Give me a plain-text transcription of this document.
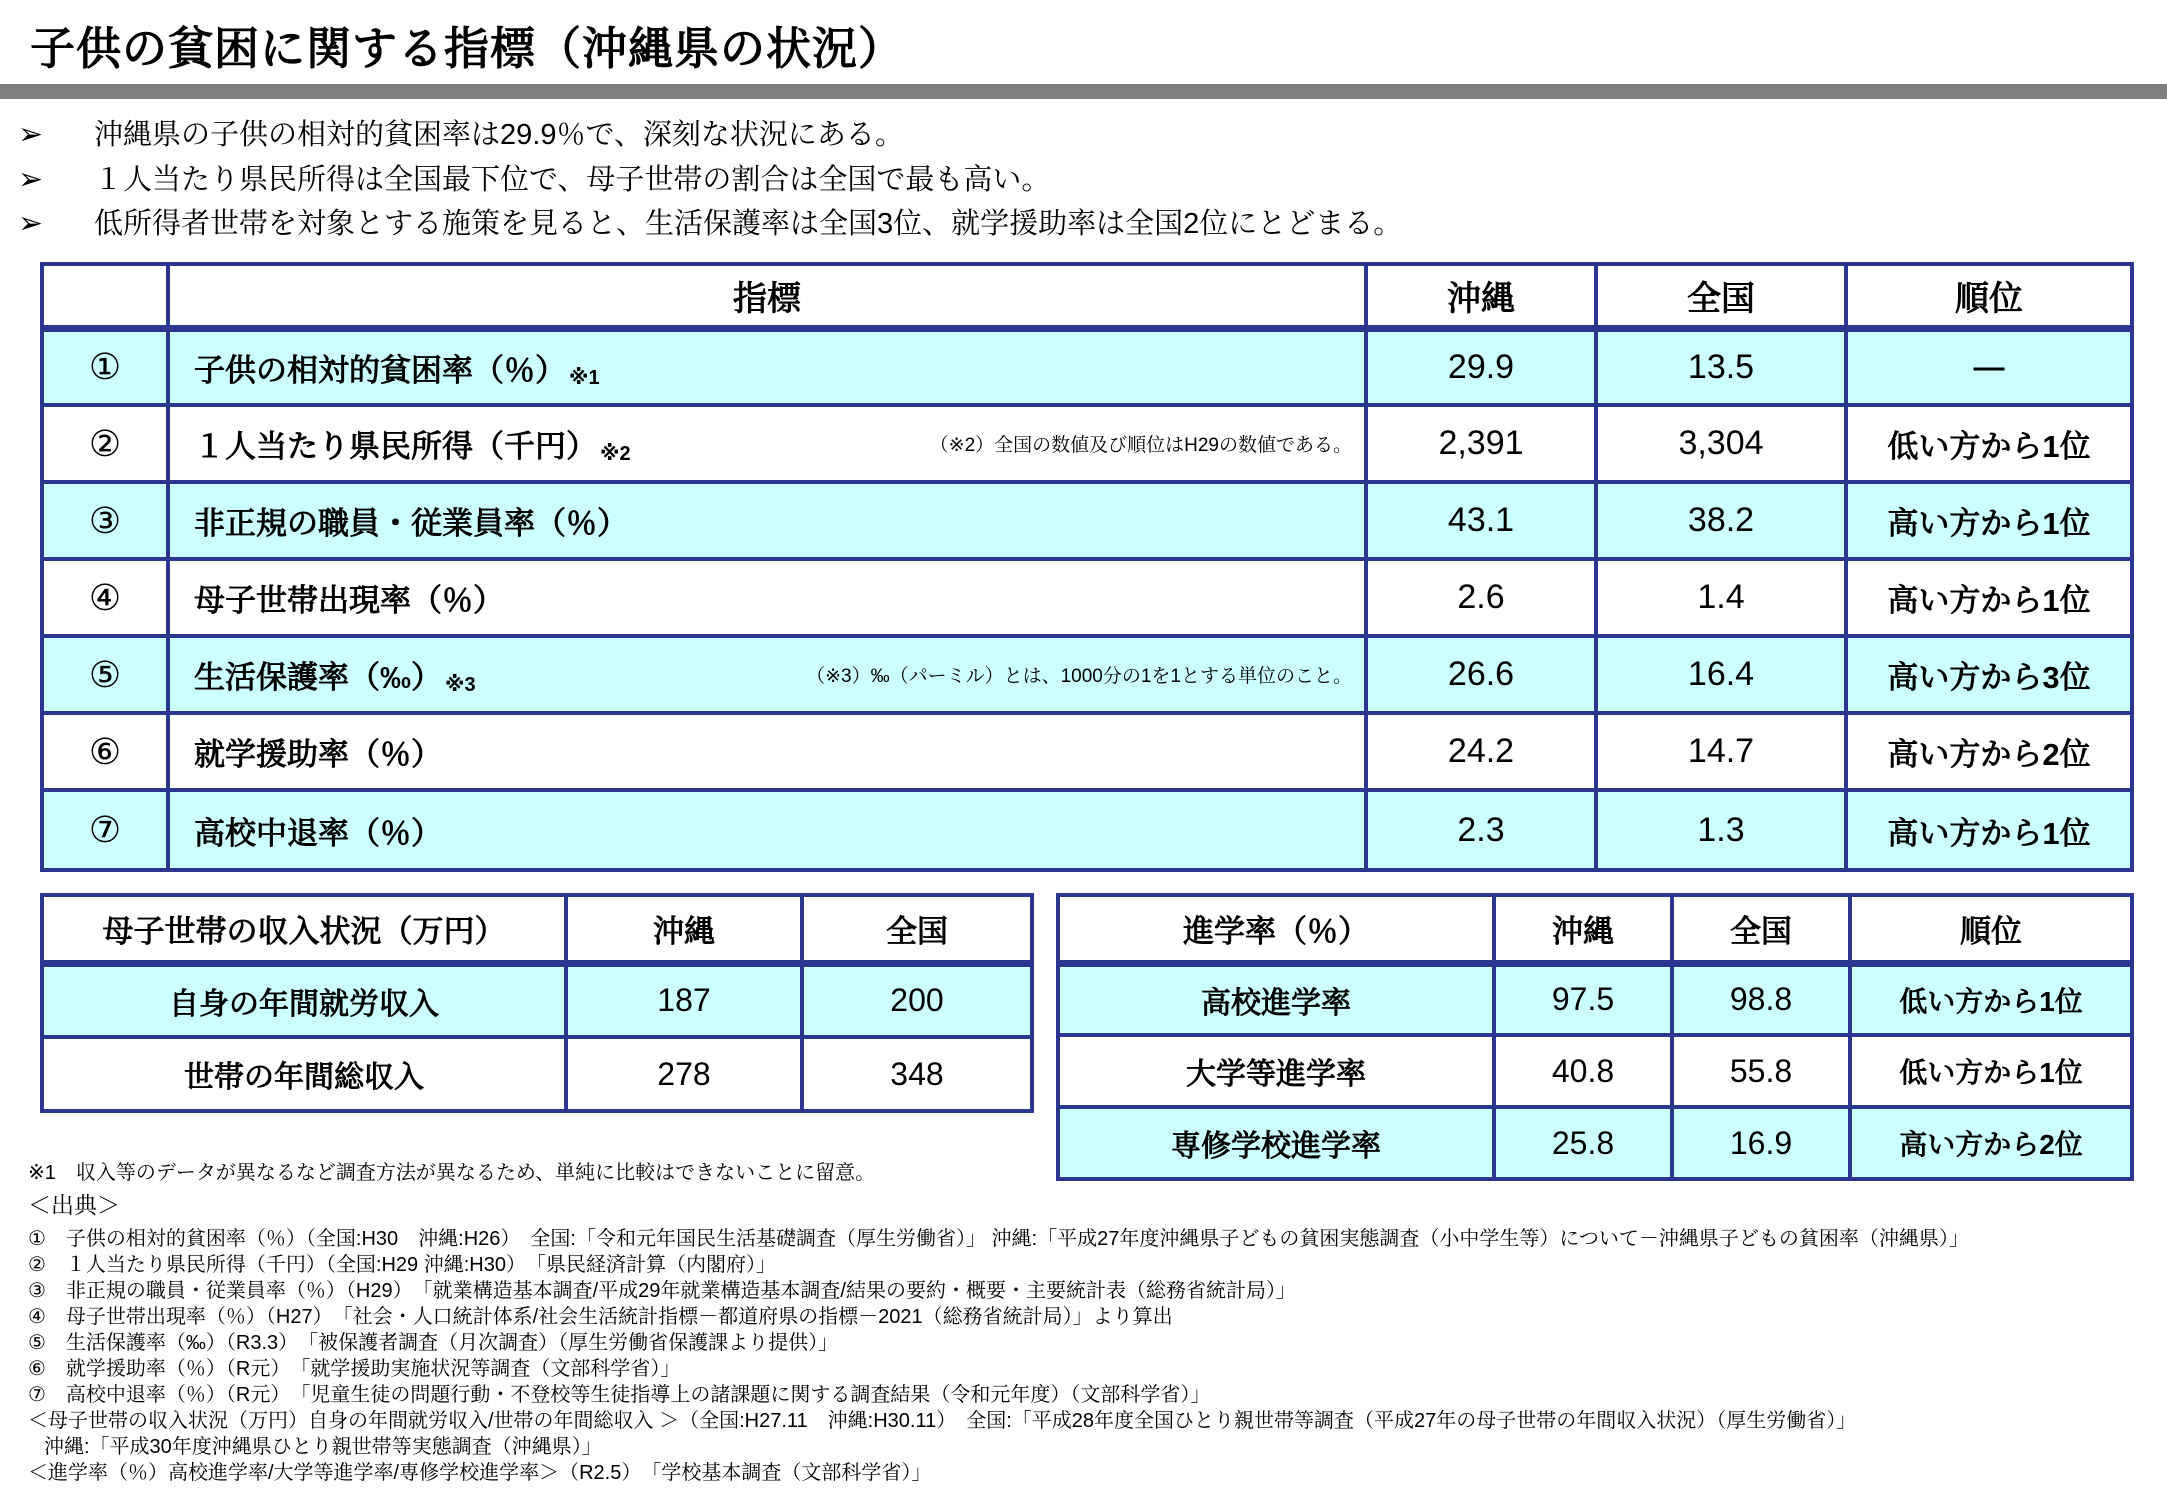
子供の貧困に関する指標（沖縄県の状況）
➢ 沖縄県の子供の相対的貧困率は29.9％で、深刻な状況にある。
➢ １人当たり県民所得は全国最下位で、母子世帯の割合は全国で最も高い。
➢ 低所得者世帯を対象とする施策を見ると、生活保護率は全国3位、就学援助率は全国2位にとどまる。
	指標	沖縄	全国	順位
①	子供の相対的貧困率（％） ※1	29.9	13.5	―
②	１人当たり県民所得（千円） ※2 （※2）全国の数値及び順位はH29の数値である。	2,391	3,304	低い方から1位
③	非正規の職員・従業員率（％）	43.1	38.2	高い方から1位
④	母子世帯出現率（％）	2.6	1.4	高い方から1位
⑤	生活保護率（‰） ※3 （※3）‰（パーミル）とは、1000分の1を1とする単位のこと。	26.6	16.4	高い方から3位
⑥	就学援助率（％）	24.2	14.7	高い方から2位
⑦	高校中退率（％）	2.3	1.3	高い方から1位
母子世帯の収入状況（万円）	沖縄	全国
自身の年間就労収入	187	200
世帯の年間総収入	278	348
進学率（％）	沖縄	全国	順位
高校進学率	97.5	98.8	低い方から1位
大学等進学率	40.8	55.8	低い方から1位
専修学校進学率	25.8	16.9	高い方から2位
※1　収入等のデータが異なるなど調査方法が異なるため、単純に比較はできないことに留意。
＜出典＞
①　子供の相対的貧困率（％）（全国:H30　沖縄:H26）　全国:「令和元年国民生活基礎調査（厚生労働省）」 沖縄:「平成27年度沖縄県子どもの貧困実態調査（小中学生等）について－沖縄県子どもの貧困率（沖縄県）」
②　１人当たり県民所得（千円）（全国:H29 沖縄:H30）　「県民経済計算（内閣府）」
③　非正規の職員・従業員率（％）（H29）　「就業構造基本調査/平成29年就業構造基本調査/結果の要約・概要・主要統計表（総務省統計局）」
④　母子世帯出現率（％）（H27）　「社会・人口統計体系/社会生活統計指標－都道府県の指標－2021（総務省統計局）」より算出
⑤　生活保護率（‰）（R3.3）　「被保護者調査（月次調査）（厚生労働省保護課より提供）」
⑥　就学援助率（％）（R元）　「就学援助実施状況等調査（文部科学省）」
⑦　高校中退率（％）（R元）　「児童生徒の問題行動・不登校等生徒指導上の諸課題に関する調査結果（令和元年度）（文部科学省）」
＜母子世帯の収入状況（万円）自身の年間就労収入/世帯の年間総収入 ＞（全国:H27.11　沖縄:H30.11）　全国:「平成28年度全国ひとり親世帯等調査（平成27年の母子世帯の年間収入状況）（厚生労働省）」
沖縄:「平成30年度沖縄県ひとり親世帯等実態調査（沖縄県）」
＜進学率（％）高校進学率/大学等進学率/専修学校進学率＞（R2.5）　「学校基本調査（文部科学省）」
